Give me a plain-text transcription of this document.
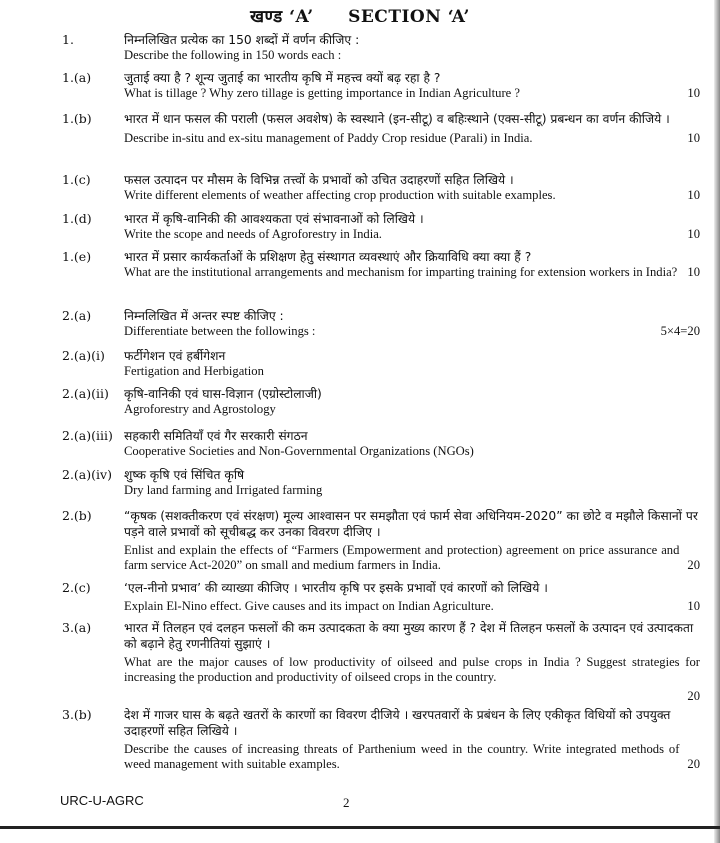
खण्ड ‘A’ SECTION ‘A’
1.	निम्नलिखित प्रत्येक का 150 शब्दों में वर्णन कीजिए :
Describe the following in 150 words each :
1.(a)	जुताई क्या है ? शून्य जुताई का भारतीय कृषि में महत्त्व क्यों बढ़ रहा है ?
What is tillage ? Why zero tillage is getting importance in Indian Agriculture ?	10
1.(b)	भारत में धान फसल की पराली (फसल अवशेष) के स्वस्थाने (इन-सीटू) व बहिःस्थाने (एक्स-सीटू) प्रबन्धन का वर्णन कीजिये ।
Describe in-situ and ex-situ management of Paddy Crop residue (Parali) in India.	10
1.(c)	फसल उत्पादन पर मौसम के विभिन्न तत्त्वों के प्रभावों को उचित उदाहरणों सहित लिखिये ।
Write different elements of weather affecting crop production with suitable examples.	10
1.(d)	भारत में कृषि-वानिकी की आवश्यकता एवं संभावनाओं को लिखिये ।
Write the scope and needs of Agroforestry in India.	10
1.(e)	भारत में प्रसार कार्यकर्ताओं के प्रशिक्षण हेतु संस्थागत व्यवस्थाएं और क्रियाविधि क्या क्या हैं ?
What are the institutional arrangements and mechanism for imparting training for extension workers in India? 10
2.(a)	निम्नलिखित में अन्तर स्पष्ट कीजिए :
Differentiate between the followings :	5×4=20
2.(a)(i)	फर्टीगेशन एवं हर्बीगेशन
Fertigation and Herbigation
2.(a)(ii)	कृषि-वानिकी एवं घास-विज्ञान (एग्रोस्टोलाजी)
Agroforestry and Agrostology
2.(a)(iii) सहकारी समितियाँ एवं गैर सरकारी संगठन
Cooperative Societies and Non-Governmental Organizations (NGOs)
2.(a)(iv) शुष्क कृषि एवं सिंचित कृषि
Dry land farming and Irrigated farming
2.(b)	“कृषक (सशक्तीकरण एवं संरक्षण) मूल्य आश्वासन पर समझौता एवं फार्म सेवा अधिनियम-2020” का छोटे व मझौले किसानों पर पड़ने वाले प्रभावों को सूचीबद्ध कर उनका विवरण दीजिए ।
Enlist and explain the effects of “Farmers (Empowerment and protection) agreement on price assurance and farm service Act-2020” on small and medium farmers in India.	20
2.(c)	‘एल-नीनो प्रभाव’ की व्याख्या कीजिए । भारतीय कृषि पर इसके प्रभावों एवं कारणों को लिखिये ।
Explain El-Nino effect. Give causes and its impact on Indian Agriculture.	10
3.(a)	भारत में तिलहन एवं दलहन फसलों की कम उत्पादकता के क्या मुख्य कारण हैं ? देश में तिलहन फसलों के उत्पादन एवं उत्पादकता को बढ़ाने हेतु रणनीतियां सुझाएं ।
What are the major causes of low productivity of oilseed and pulse crops in India ? Suggest strategies for increasing the production and productivity of oilseed crops in the country.
20
3.(b)	देश में गाजर घास के बढ़ते खतरों के कारणों का विवरण दीजिये । खरपतवारों के प्रबंधन के लिए एकीकृत विधियों को उपयुक्त उदाहरणों सहित लिखिये ।
Describe the causes of increasing threats of Parthenium weed in the country. Write integrated methods of weed management with suitable examples.	20
URC-U-AGRC	2
